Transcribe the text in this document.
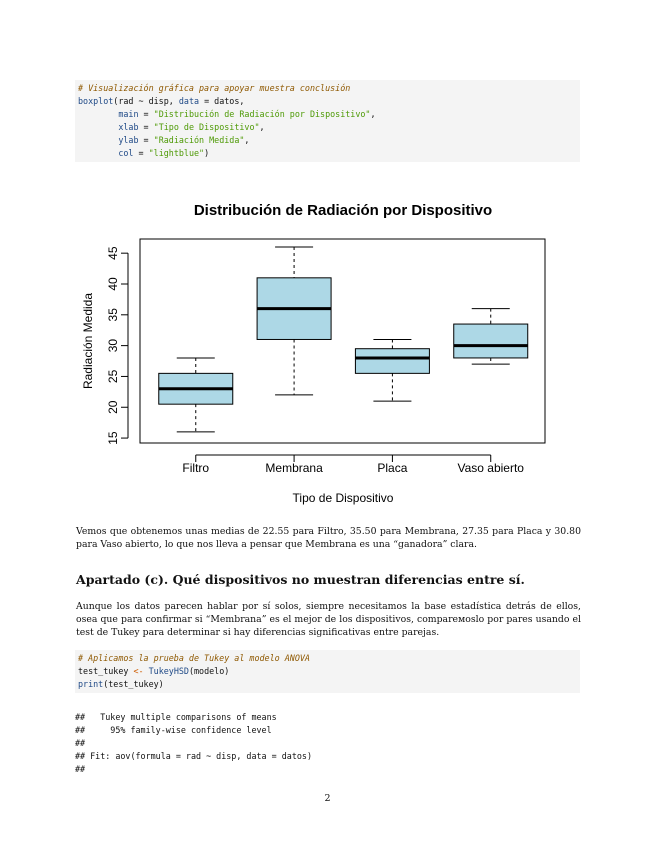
# Visualización gráfica para apoyar muestra conclusión
boxplot(rad ~ disp, data = datos,
main = "Distribución de Radiación por Dispositivo",
xlab = "Tipo de Dispositivo",
ylab = "Radiación Medida",
col = "lightblue")
Distribución de Radiación por Dispositivo
15
20
25
30
35
40
45
Filtro	Membrana	Placa	Vaso abierto
Tipo de Dispositivo
Radiación Medida
Vemos que obtenemos unas medias de 22.55 para Filtro, 35.50 para Membrana, 27.35 para Placa y 30.80 para Vaso abierto, lo que nos lleva a pensar que Membrana es una “ganadora” clara.
Apartado (c). Qué dispositivos no muestran diferencias entre sí.
Aunque los datos parecen hablar por sí solos, siempre necesitamos la base estadística detrás de ellos, osea que para confirmar si “Membrana” es el mejor de los dispositivos, compareмoslo por pares usando el test de Tukey para determinar si hay diferencias significativas entre parejas.
# Aplicamos la prueba de Tukey al modelo ANOVA
test_tukey <- TukeyHSD(modelo)
print(test_tukey)
##   Tukey multiple comparisons of means
##     95% family-wise confidence level
##
## Fit: aov(formula = rad ~ disp, data = datos)
##
2
